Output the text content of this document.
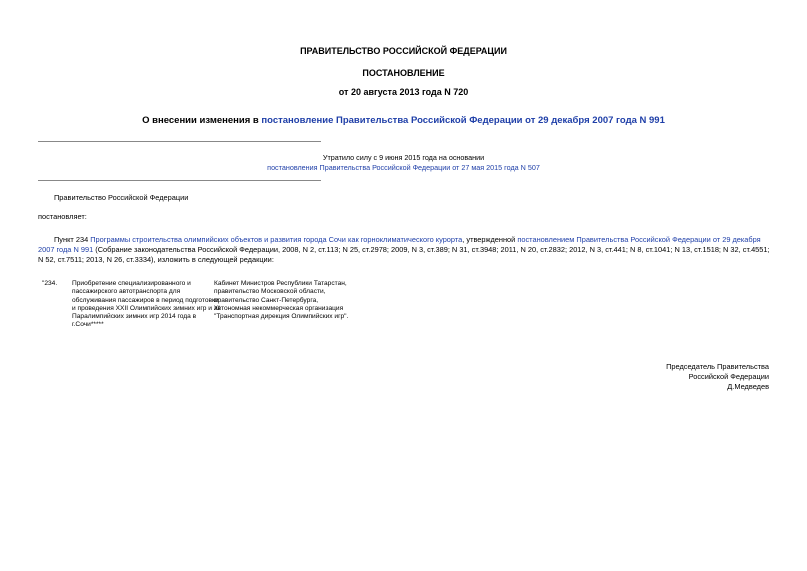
ПРАВИТЕЛЬСТВО РОССИЙСКОЙ ФЕДЕРАЦИИ
ПОСТАНОВЛЕНИЕ
от 20 августа 2013 года N 720
О внесении изменения в постановление Правительства Российской Федерации от 29 декабря 2007 года N 991
Утратило силу с 9 июня 2015 года на основании
постановления Правительства Российской Федерации от 27 мая 2015 года N 507
Правительство Российской Федерации
постановляет:
Пункт 234 Программы строительства олимпийских объектов и развития города Сочи как горноклиматического курорта, утвержденной постановлением Правительства Российской Федерации от 29 декабря 2007 года N 991 (Собрание законодательства Российской Федерации, 2008, N 2, ст.113; N 25, ст.2978; 2009, N 3, ст.389; N 31, ст.3948; 2011, N 20, ст.2832; 2012, N 3, ст.441; N 8, ст.1041; N 13, ст.1518; N 32, ст.4551; N 52, ст.7511; 2013, N 26, ст.3334), изложить в следующей редакции:
"234. Приобретение специализированного и пассажирского автотранспорта для обслуживания пассажиров в период подготовки и проведения XXII Олимпийских зимних игр и XI Паралимпийских зимних игр 2014 года в г.Сочи*****
Кабинет Министров Республики Татарстан, правительство Московской области, правительство Санкт-Петербурга, автономная некоммерческая организация "Транспортная дирекция Олимпийских игр".
Председатель Правительства
Российской Федерации
Д.Медведев
